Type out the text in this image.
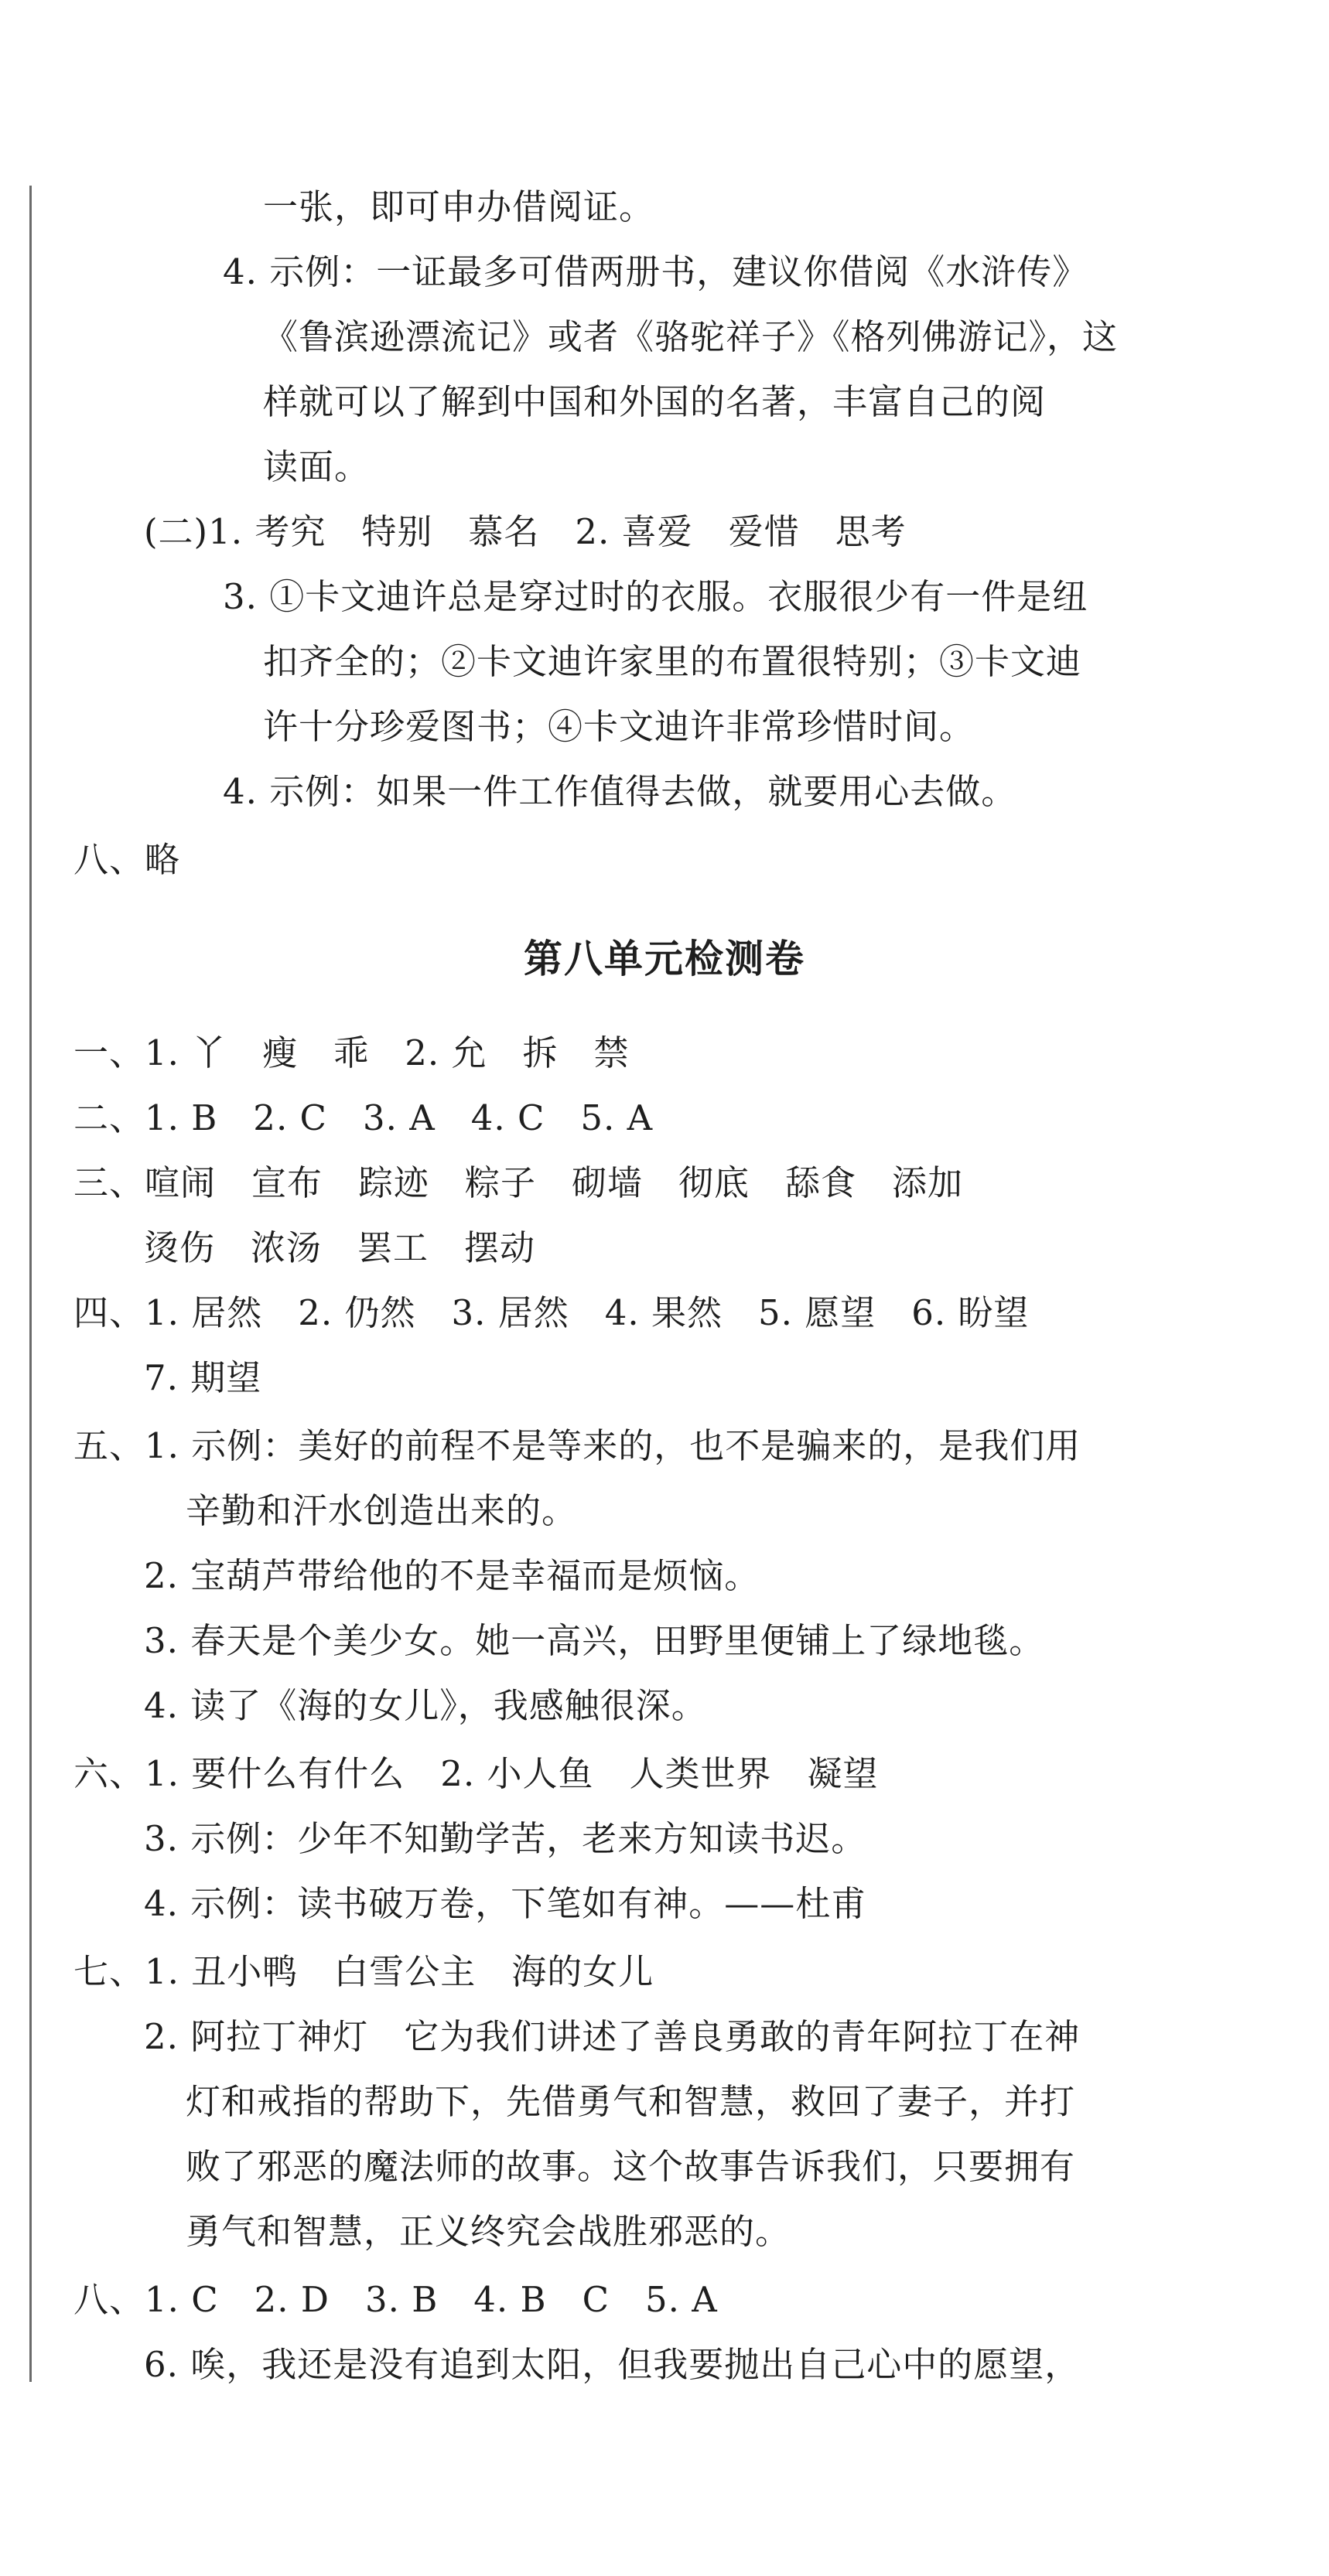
一张，即可申办借阅证。
4. 示例：一证最多可借两册书，建议你借阅《水浒传》
《鲁滨逊漂流记》或者《骆驼祥子》《格列佛游记》，这
样就可以了解到中国和外国的名著，丰富自己的阅
读面。
(二)1. 考究　特别　慕名　2. 喜爱　爱惜　思考
3. ①卡文迪许总是穿过时的衣服。衣服很少有一件是纽
扣齐全的；②卡文迪许家里的布置很特别；③卡文迪
许十分珍爱图书；④卡文迪许非常珍惜时间。
4. 示例：如果一件工作值得去做，就要用心去做。
八、略
第八单元检测卷
一、1. 丫　瘦　乖　2. 允　拆　禁
二、1. B　2. C　3. A　4. C　5. A
三、喧闹　宣布　踪迹　粽子　砌墙　彻底　舔食　添加
烫伤　浓汤　罢工　摆动
四、1. 居然　2. 仍然　3. 居然　4. 果然　5. 愿望　6. 盼望
7. 期望
五、1. 示例：美好的前程不是等来的，也不是骗来的，是我们用
辛勤和汗水创造出来的。
2. 宝葫芦带给他的不是幸福而是烦恼。
3. 春天是个美少女。她一高兴，田野里便铺上了绿地毯。
4. 读了《海的女儿》，我感触很深。
六、1. 要什么有什么　2. 小人鱼　人类世界　凝望
3. 示例：少年不知勤学苦，老来方知读书迟。
4. 示例：读书破万卷，下笔如有神。——杜甫
七、1. 丑小鸭　白雪公主　海的女儿
2. 阿拉丁神灯　它为我们讲述了善良勇敢的青年阿拉丁在神
灯和戒指的帮助下，先借勇气和智慧，救回了妻子，并打
败了邪恶的魔法师的故事。这个故事告诉我们，只要拥有
勇气和智慧，正义终究会战胜邪恶的。
八、1. C　2. D　3. B　4. B　C　5. A
6. 唉，我还是没有追到太阳，但我要抛出自己心中的愿望，
